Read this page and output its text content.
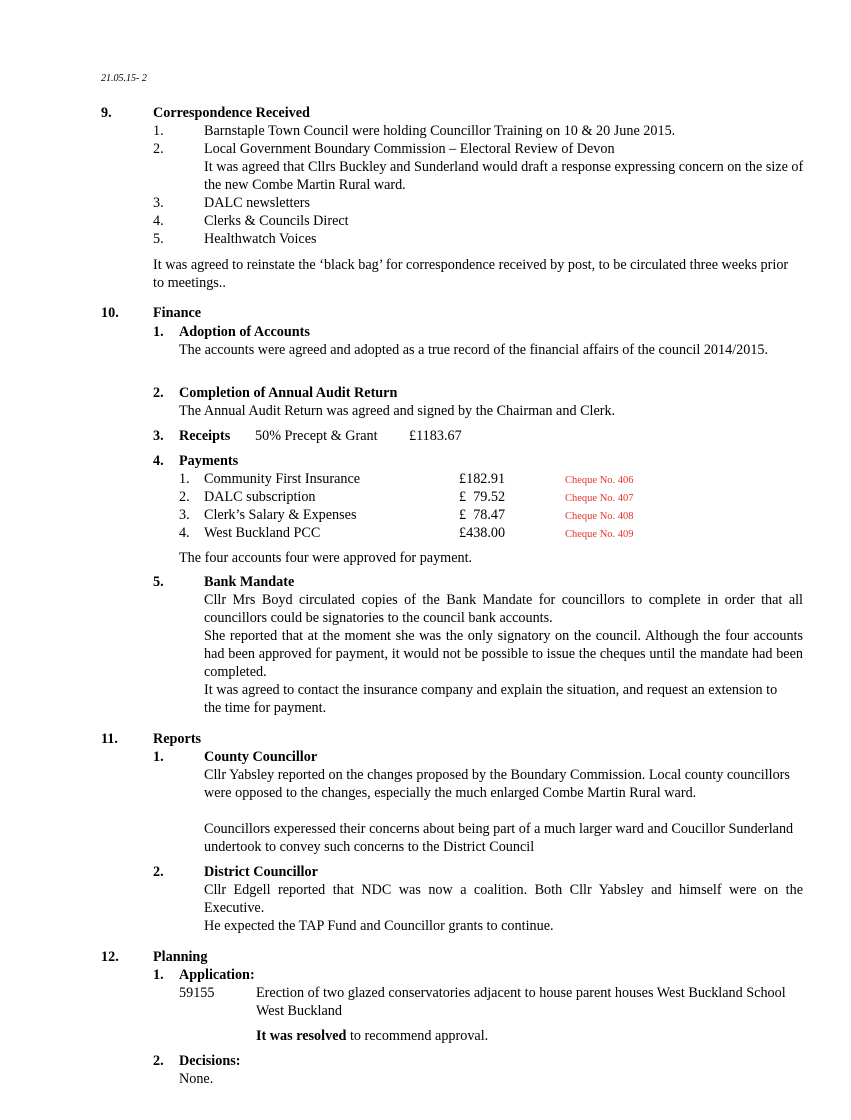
21.05.15- 2
9.	Correspondence Received
1.	Barnstaple Town Council were holding Councillor Training on 10 & 20 June 2015.
2.	Local Government Boundary Commission – Electoral Review of Devon
It was agreed that Cllrs Buckley and Sunderland would draft a response expressing concern on the size of the new Combe Martin Rural ward.
3.	DALC newsletters
4.	Clerks & Councils Direct
5.	Healthwatch Voices
It was agreed to reinstate the ‘black bag’ for correspondence received by post, to be circulated three weeks prior to meetings..
10. Finance
1. Adoption of Accounts
The accounts were agreed and adopted as a true record of the financial affairs of the council 2014/2015.
2. Completion of Annual Audit Return
The Annual Audit Return was agreed and signed by the Chairman and Clerk.
3. Receipts 50% Precept & Grant £1183.67
4. Payments
1. Community First Insurance	£182.91	Cheque No. 406
2. DALC subscription	£  79.52	Cheque No. 407
3. Clerk’s Salary & Expenses	£  78.47	Cheque No. 408
4. West Buckland PCC	£438.00	Cheque No. 409
The four accounts four were approved for payment.
5.	Bank Mandate
Cllr Mrs Boyd circulated copies of the Bank Mandate for councillors to complete in order that all councillors could be signatories to the council bank accounts.
She reported that at the moment she was the only signatory on the council. Although the four accounts had been approved for payment, it would not be possible to issue the cheques until the mandate had been completed.
It was agreed to contact the insurance company and explain the situation, and request an extension to the time for payment.
11. Reports
1.	County Councillor
Cllr Yabsley reported on the changes proposed by the Boundary Commission. Local county councillors were opposed to the changes, especially the much enlarged Combe Martin Rural ward.
Councillors experessed their concerns about being part of a much larger ward and Coucillor Sunderland undertook to convey such concerns to the District Council
2.	District Councillor
Cllr Edgell reported that NDC was now a coalition. Both Cllr Yabsley and himself were on the Executive.
He expected the TAP Fund and Councillor grants to continue.
12. Planning
1. Application:
59155	Erection of two glazed conservatories adjacent to house parent houses West Buckland School West Buckland
It was resolved to recommend approval.
2. Decisions:
None.
